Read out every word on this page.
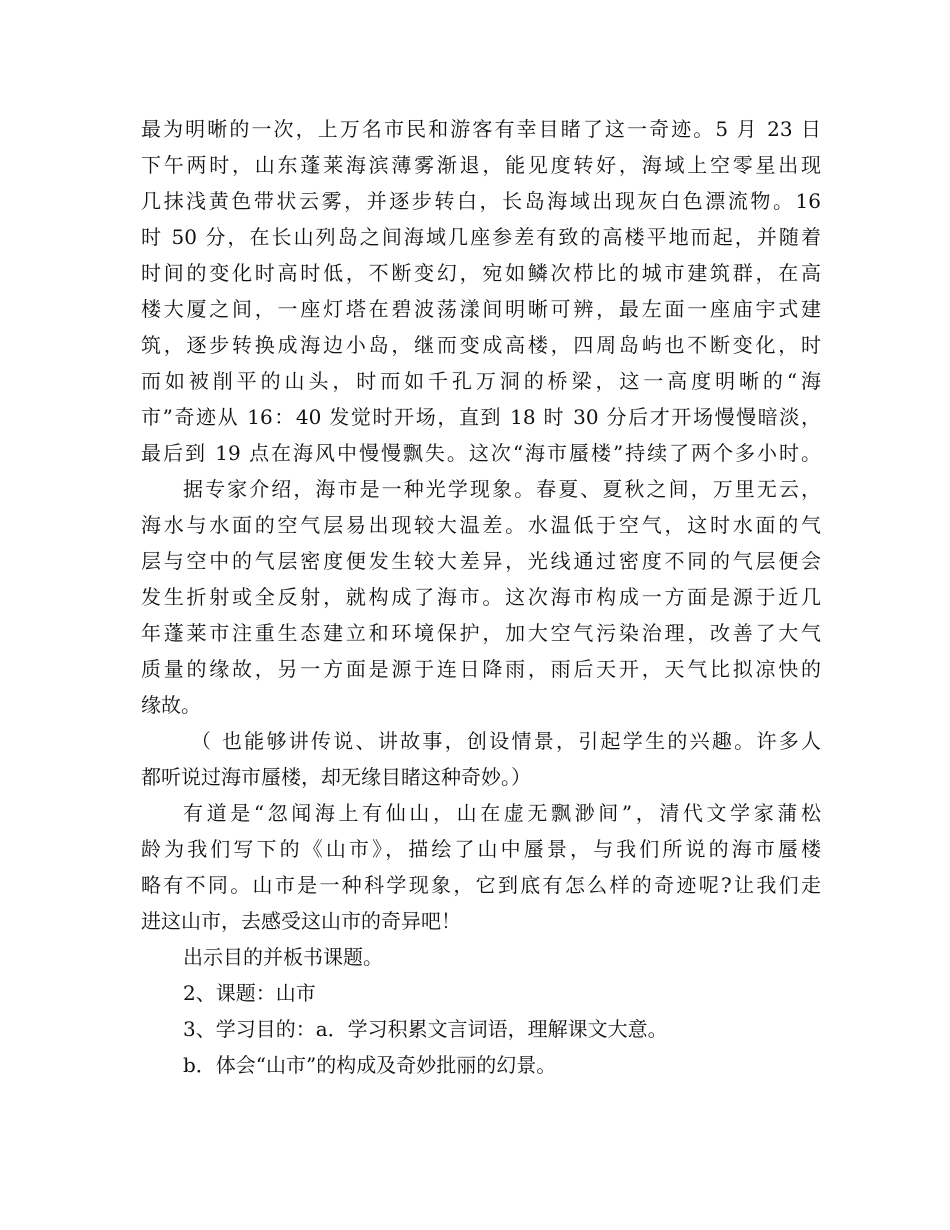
最为明晰的一次，上万名市民和游客有幸目睹了这一奇迹。5 月 23 日
下午两时，山东蓬莱海滨薄雾渐退，能见度转好，海域上空零星出现
几抹浅黄色带状云雾，并逐步转白，长岛海域出现灰白色漂流物。16
时 50 分，在长山列岛之间海域几座参差有致的高楼平地而起，并随着
时间的变化时高时低，不断变幻，宛如鳞次栉比的城市建筑群，在高
楼大厦之间，一座灯塔在碧波荡漾间明晰可辨，最左面一座庙宇式建
筑，逐步转换成海边小岛，继而变成高楼，四周岛屿也不断变化，时
而如被削平的山头，时而如千孔万洞的桥梁，这一高度明晰的“海
市”奇迹从 16：40 发觉时开场，直到 18 时 30 分后才开场慢慢暗淡，
最后到 19 点在海风中慢慢飘失。这次“海市蜃楼”持续了两个多小时。
据专家介绍，海市是一种光学现象。春夏、夏秋之间，万里无云，
海水与水面的空气层易出现较大温差。水温低于空气，这时水面的气
层与空中的气层密度便发生较大差异，光线通过密度不同的气层便会
发生折射或全反射，就构成了海市。这次海市构成一方面是源于近几
年蓬莱市注重生态建立和环境保护，加大空气污染治理，改善了大气
质量的缘故，另一方面是源于连日降雨，雨后天开，天气比拟凉快的
缘故。
（ 也能够讲传说、讲故事，创设情景，引起学生的兴趣。许多人
都听说过海市蜃楼，却无缘目睹这种奇妙。）
有道是“忽闻海上有仙山，山在虚无飘渺间”，清代文学家蒲松
龄为我们写下的《山市》，描绘了山中蜃景，与我们所说的海市蜃楼
略有不同。山市是一种科学现象，它到底有怎么样的奇迹呢?让我们走
进这山市，去感受这山市的奇异吧！
出示目的并板书课题。
2、课题：山市
3、学习目的：a．学习积累文言词语，理解课文大意。
b．体会“山市”的构成及奇妙批丽的幻景。
